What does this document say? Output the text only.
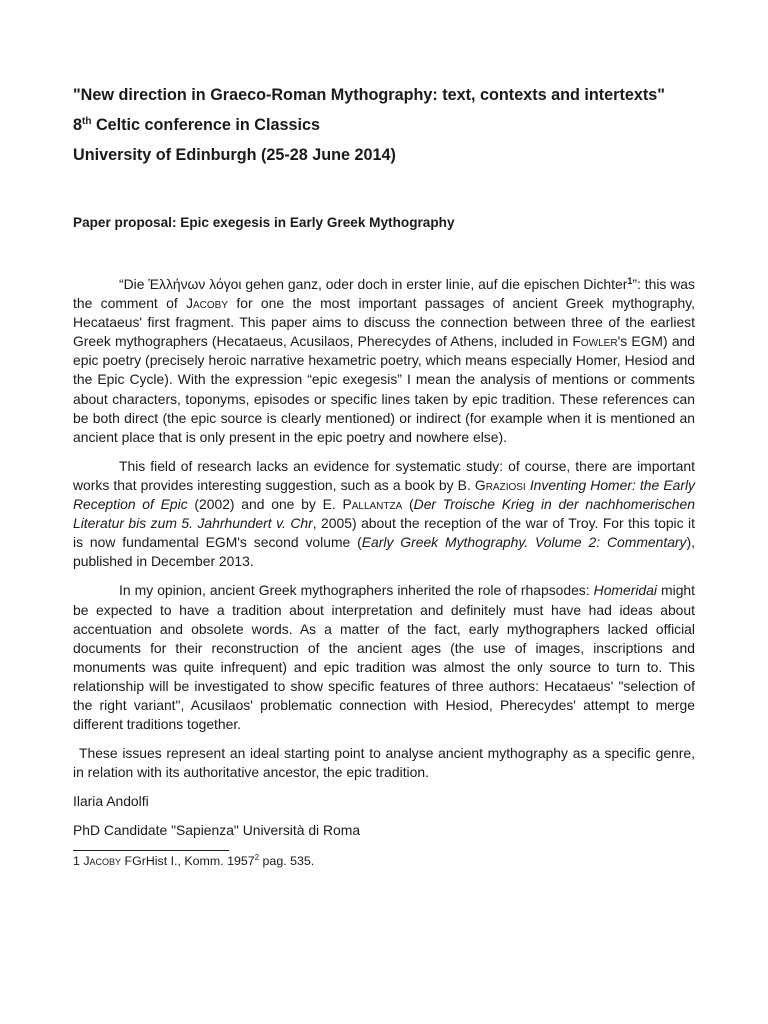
"New direction in Graeco-Roman Mythography: text, contexts and intertexts"

8th Celtic conference in Classics

University of Edinburgh (25-28 June 2014)

Paper proposal: Epic exegesis in Early Greek Mythography

“Die Ἑλλήνων λόγοι gehen ganz, oder doch in erster linie, auf die epischen Dichter$^1$”: this was the comment of Jacoby for one the most important passages of ancient Greek mythography, Hecataeus' first fragment. This paper aims to discuss the connection between three of the earliest Greek mythographers (Hecataeus, Acusilaos, Pherecydes of Athens, included in Fowler's EGM) and epic poetry (precisely heroic narrative hexametric poetry, which means especially Homer, Hesiod and the Epic Cycle). With the expression “epic exegesis” I mean the analysis of mentions or comments about characters, toponyms, episodes or specific lines taken by epic tradition. These references can be both direct (the epic source is clearly mentioned) or indirect (for example when it is mentioned an ancient place that is only present in the epic poetry and nowhere else).

This field of research lacks an evidence for systematic study: of course, there are important works that provides interesting suggestion, such as a book by B. Graziosi Inventing Homer: the Early Reception of Epic (2002) and one by E. Pallantza (Der Troische Krieg in der nachhomerischen Literatur bis zum 5. Jahrhundert v. Chr, 2005) about the reception of the war of Troy. For this topic it is now fundamental EGM's second volume (Early Greek Mythography. Volume 2: Commentary), published in December 2013.

In my opinion, ancient Greek mythographers inherited the role of rhapsodes: Homeridai might be expected to have a tradition about interpretation and definitely must have had ideas about accentuation and obsolete words. As a matter of the fact, early mythographers lacked official documents for their reconstruction of the ancient ages (the use of images, inscriptions and monuments was quite infrequent) and epic tradition was almost the only source to turn to. This relationship will be investigated to show specific features of three authors: Hecataeus' "selection of the right variant", Acusilaos' problematic connection with Hesiod, Pherecydes' attempt to merge different traditions together.

These issues represent an ideal starting point to analyse ancient mythography as a specific genre, in relation with its authoritative ancestor, the epic tradition.

Ilaria Andolfi

PhD Candidate "Sapienza" Università di Roma

1 Jacoby FGrHist I., Komm. 1957$^2$ pag. 535.
